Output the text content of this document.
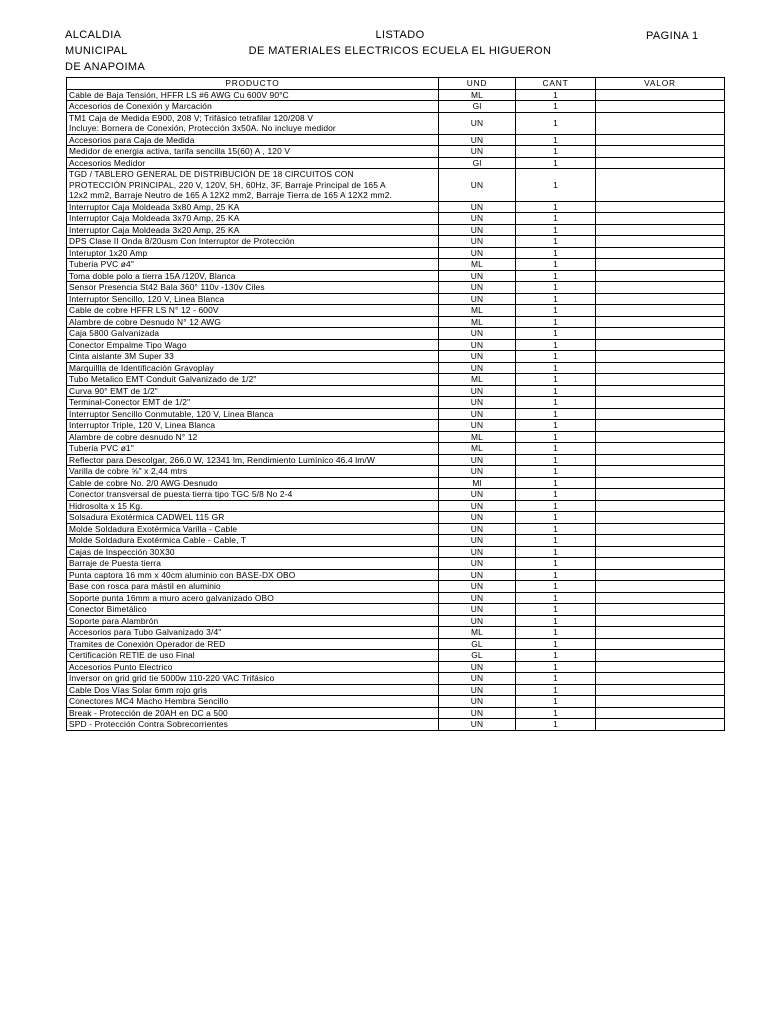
ALCALDIA
MUNICIPAL
DE ANAPOIMA
LISTADO
DE MATERIALES ELECTRICOS ECUELA EL HIGUERON
PAGINA 1
PRODUCTO	UND	CANT	VALOR

Cable de Baja Tensión, HFFR LS #6 AWG Cu 600V 90°C	ML	1	

Accesorios de Conexión y Marcación	Gl	1	

TM1 Caja de Medida E900, 208 V; Trifásico tetrafilar 120/208 V
Incluye: Bornera de Conexión, Protección 3x50A. No incluye medidor	UN	1	

Accesorios para Caja de Medida	UN	1	

Medidor de energia activa, tarifa sencilla 15(60) A , 120 V	UN	1	

Accesorios Medidor	Gl	1	

TGD / TABLERO GENERAL DE DISTRIBUCIÓN DE 18 CIRCUITOS CON
PROTECCIÓN PRINCIPAL, 220 V, 120V, 5H, 60Hz, 3F, Barraje Principal de 165 A
12x2 mm2, Barraje Neutro de 165 A 12X2 mm2, Barraje Tierra de 165 A 12X2 mm2.	UN	1	

Interruptor Caja Moldeada 3x80 Amp, 25 KA	UN	1	

Interruptor Caja Moldeada 3x70 Amp, 25 KA	UN	1	

Interruptor Caja Moldeada 3x20 Amp, 25 KA	UN	1	

DPS Clase II Onda 8/20usm Con Interruptor de Protección	UN	1	

Interuptor 1x20 Amp	UN	1	

Tuberia PVC ø4"	ML	1	

Toma doble polo a tierra 15A /120V, Blanca	UN	1	

Sensor Presencia St42 Bala 360° 110v -130v Ciles	UN	1	

Interruptor Sencillo, 120 V, Linea Blanca	UN	1	

Cable de cobre HFFR LS N° 12 - 600V	ML	1	

Alambre de cobre Desnudo N° 12 AWG	ML	1	

Caja 5800 Galvanizada	UN	1	

Conector Empalme Tipo Wago	UN	1	

Cinta aislante 3M Super 33	UN	1	

Marquillla de Identificación Gravoplay	UN	1	

Tubo Metalico EMT Conduit Galvanizado de 1/2"	ML	1	

Curva 90° EMT de 1/2"	UN	1	

Terminal-Conector EMT de 1/2"	UN	1	

Interruptor Sencillo Conmutable, 120 V, Linea Blanca	UN	1	

Interruptor Triple, 120 V, Linea Blanca	UN	1	

Alambre de cobre desnudo N° 12	ML	1	

Tuberia PVC ø1"	ML	1	

Reflector para Descolgar, 266.0 W, 12341 lm, Rendimiento Lumínico 46.4 lm/W	UN	1	

Varilla de cobre ⅝" x 2,44 mtrs	UN	1	

Cable de cobre No. 2/0 AWG Desnudo	Ml	1	

Conector transversal de puesta tierra tipo TGC 5/8 No 2-4	UN	1	

Hidrosolta x 15 Kg.	UN	1	

Solsadura Exotérmica CADWEL 115 GR	UN	1	

Molde Soldadura Exotérmica Varilla - Cable	UN	1	

Molde Soldadura Exotérmica Cable - Cable, T	UN	1	

Cajas de Inspección 30X30	UN	1	

Barraje de Puesta tierra	UN	1	

Punta captora 16 mm x 40cm aluminio con BASE-DX OBO	UN	1	

Base con rosca para mástil en aluminio	UN	1	

Soporte punta 16mm a muro acero galvanizado OBO	UN	1	

Conector Bimetálico	UN	1	

Soporte para Alambrón	UN	1	

Accesorios para Tubo Galvanizado 3/4"	ML	1	

Tramites de Conexión Operador de RED	GL	1	

Certificación RETIE de uso Final	GL	1	

Accesorios Punto Electrico	UN	1	

Inversor on grid grid tie 5000w 110-220 VAC Trifásico	UN	1	

Cable Dos Vías Solar 6mm rojo gris	UN	1	

Conectores MC4 Macho Hembra Sencillo	UN	1	

Break - Protección de 20AH en DC a 500	UN	1	

SPD - Protección Contra Sobrecorrientes	UN	1	
